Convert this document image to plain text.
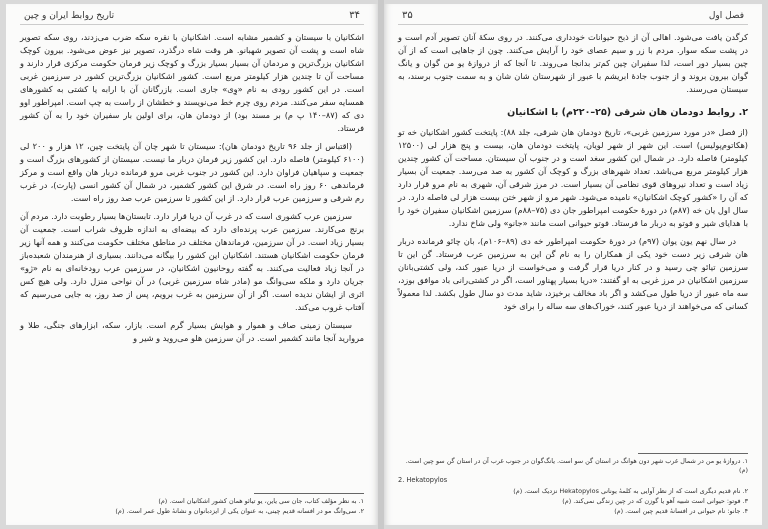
۳۴
تاریخ روابط ایران و چین

اشکانیان با سیستان و کشمیر مشابه است. اشکانیان با نقره سکه ضرب می‌زدند، روی سکه تصویر شاه است و پشت آن تصویر شهبانو. هر وقت شاه درگذرد، تصویر نیز عوض می‌شود. بیرون کوچک اشکانیان بزرگ‌ترین و مردمان آن بسیار بسیار بزرگ و کوچک زیر فرمان حکومت مرکزی قرار دارند و مساحت آن تا چندین هزار کیلومتر مربع است. کشور اشکانیان بزرگ‌ترین کشور در سرزمین غربی است. در این کشور رودی به نام «وِی» جاری است. بازرگانان آن با ارابه یا کشتی به کشورهای همسایه سفر می‌کنند. مردم روی چرم خط می‌نویسند و خطشان از راست به چپ است. امپراطور اوو دی که (۸۷–۱۴۰ پ م) بر مسند بود) از دودمان هان، برای اولین بار سفیران خود را به آن کشور فرستاد.

(اقتباس از جلد ۹۶ تاریخ دودمان هان): سیستان تا شهر چان آن پایتخت چین، ۱۲ هزار و ۲۰۰ لی (۶۱۰۰ کیلومتر) فاصله دارد. این کشور زیر فرمان دربار ما نیست. سیستان از کشورهای بزرگ است و جمعیت و سپاهیان فراوان دارد. این کشور در جنوب غربی مرو فرمانده دربار هان واقع است و مرکز فرماندهی ۶۰ روز راه است. در شرق این کشور کشمیر، در شمال آن کشور انسی (پارت)، در غرب رم شرقی و سرزمین عرب قرار دارد. از این کشور تا سرزمین عرب صد روز راه است.

سرزمین عرب کشوری است که در غرب آن دریا قرار دارد. تابستان‌ها بسیار رطوبت دارد. مردم آن برنج می‌کارند. سرزمین عرب پرنده‌ای دارد که بیضه‌ای به اندازه ظروف شراب است. جمعیت آن بسیار زیاد است. در آن سرزمین، فرماندهان مختلف در مناطق مختلف حکومت می‌کنند و همه آنها زیر فرمان حکومت اشکانیان هستند. اشکانیان این کشور را بیگانه می‌دانند. بسیاری از هنرمندان شعبده‌باز در آنجا زیاد فعالیت می‌کنند. به گفته روحانیون اشکانیان، در سرزمین عرب رودخانه‌ای به نام «ژو» جریان دارد و ملکه سی‌وانگ مو (مادر شاه سرزمین غربی) در آن نواحی منزل دارد. ولی هیچ کس اثری از ایشان ندیده است. اگر از آن سرزمین به غرب برویم، پس از صد روز، به جایی می‌رسیم که آفتاب غروب می‌کند.

سیستان زمینی صاف و هموار و هوایش بسیار گرم است. بازار، سکه، ابزارهای جنگی، طلا و مروارید آنجا مانند کشمیر است. در آن سرزمین هلو می‌روید و شیر و

۱. به نظر مؤلف کتاب، جان سی یاین، یو تیائو همان کشور اشکانیان است. (م)
۲. سی‌وانگ مو در افسانه قدیم چینی، به عنوان یکی از ایزدبانوان و نشانهٔ طول عمر است. (م)
فصل اول
۳۵

کرگدن یافت می‌شود. اهالی آن از ذبح حیوانات خودداری می‌کنند. در روی سکهٔ آنان تصویر آدم است و در پشت سکه سوار. مردم با زر و سیم عصای خود را آرایش می‌کنند. چون از جاهایی است که از آن چین بسیار دور است، لذا سفیران چین کم‌تر بدانجا می‌روند. تا آنجا که از دروازهٔ یو من گوان و یانگ گوان بیرون بروند و از جنوب جادهٔ ابریشم با عبور از شهرستان شان شان و به سمت جنوب برسند، به سیستان می‌رسند.

۲. روابط دودمان هان شرقی (۲۵–۲۲۰م) با اشکانیان

(از فصل «در مورد سرزمین غربی»، تاریخ دودمان هان شرقی، جلد ۸۸): پایتخت کشور اشکانیان خه تو (هکاتوم‌پولیس) است. این شهر از شهر لویان، پایتخت دودمان هان، بیست و پنج هزار لی (۱۲۵۰۰ کیلومتر) فاصله دارد. در شمال این کشور سغد است و در جنوب آن سیستان. مساحت آن کشور چندین هزار کیلومتر مربع می‌باشد. تعداد شهرهای بزرگ و کوچک آن کشور به صد می‌رسد. جمعیت آن بسیار زیاد است و تعداد نیروهای قوی نظامی آن بسیار است. در مرز شرقی آن، شهری به نام مرو قرار دارد که آن را «کشور کوچک اشکانیان» نامیده می‌شود. شهر مرو از شهر ختن بیست هزار لی فاصله دارد. در سال اول یان خه (۸۷م) در دورهٔ حکومت امپراطور جان دی (۷۵–۸۸م) سرزمین اشکانیان سفیران خود را با هدایای شیر و فوتو به دربار ما فرستاد. فوتو حیوانی است مانند «جانو» ولی شاخ ندارد.

در سال نهم یون یوان (۹۷م) در دورهٔ حکومت امپراطور خه دی (۸۹–۱۰۶م)، بان چائو فرمانده دربار هان شرقی زیر دست خود یکی از همکاران را به نام گن این به سرزمین عرب فرستاد. گن این تا سرزمین تیائو چی رسید و در کنار دریا قرار گرفت و می‌خواست از دریا عبور کند، ولی کشتی‌بانان سرزمین اشکانیان در مرز غربی به او گفتند: «دریا بسیار پهناور است، اگر در کشتی‌رانی باد موافق بوزد، سه ماه عبور از دریا طول می‌کشد و اگر باد مخالف برخیزد، شاید مدت دو سال طول بکشد. لذا معمولاً کسانی که می‌خواهند از دریا عبور کنند، خوراک‌های سه ساله را برای خود

۱. دروازهٔ یو من در شمال غرب شهر دون هوانگ در استان گن سو است. یانگ‌گوان در جنوب غرب آن در استان گن سو چین است. (م)
2. Hekatopylos
۲. نام قدیم دیگری است که از نظر آوایی به کلمهٔ یونانی Hekatopylos نزدیک است. (م)
۳. فوتو: حیوانی است شبیه آهو یا گوزن که در چین زندگی نمی‌کند. (م)
۴. جانو: نام حیوانی در افسانهٔ قدیم چین است. (م)
